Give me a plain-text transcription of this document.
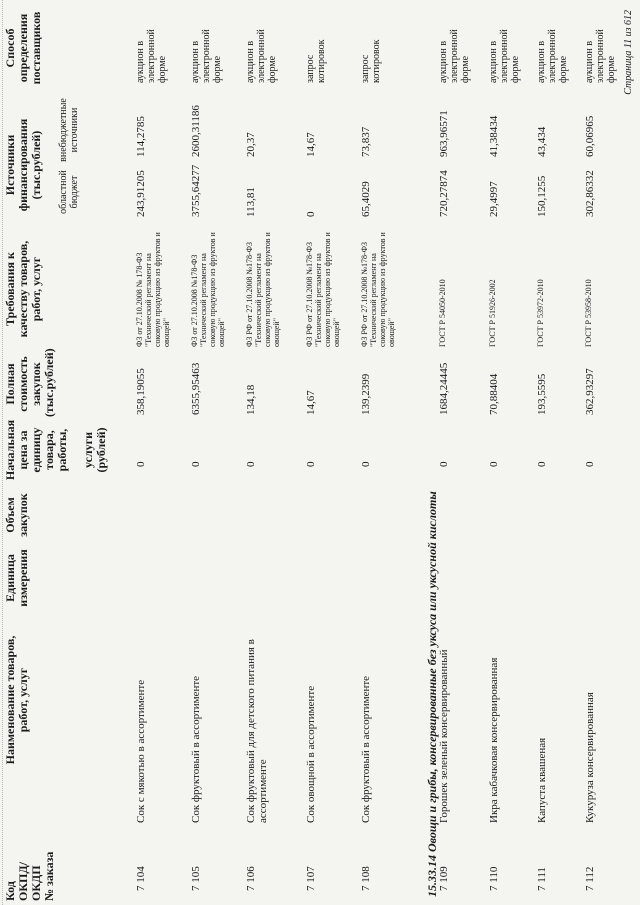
Код
ОКПД/
ОКДП
№ заказа
Наименование товаров,
работ, услуг
Единица
измерения
Объем
закупок
Начальная
цена за
единицу
товара,
работы,

услуги
(рублей)
Полная
стоимость
закупок
(тыс.рублей)
Требования к
качеству товаров,
работ, услуг
Источники
финансирования
(тыс.рублей) областной бюджет
внебюджетные источники
Способ
определения
поставщиков
7 104
Сок с мякотью в ассортименте
0
358,19055
ФЗ от 27.10.2008 № 178-ФЗ "Технический регламент на соковую продукцию из фруктов и овощей"
243,91205
114,2785
аукцион в
электронной
форме
7 105
Сок фруктовый в ассортименте
0
6355,95463
ФЗ от 27.10.2008 №178-ФЗ "Технический регламент на соковую продукцию из фруктов и овощей"
3755,64277
2600,31186
аукцион в
электронной
форме
7 106
Сок фруктовый для детского питания в ассортименте
0
134,18
ФЗ РФ от 27.10.2008 №178-ФЗ "Технический регламент на соковую продукцию из фруктов и овощей"
113,81
20,37
аукцион в
электронной
форме
7 107
Сок овощной в ассортименте
0
14,67
ФЗ РФ от 27.10.2008 №178-ФЗ "Технический регламент на соковую продукцию из фруктов и овощей"
0
14,67
запрос
котировок
7 108
Сок фруктовый в ассортименте
0
139,2399
ФЗ РФ от 27.10.2008 №178-ФЗ "Технический регламент на соковую продукцию из фруктов и овощей"
65,4029
73,837
запрос
котировок
15.33.14 Овощи и грибы, консервированные без уксуса или уксусной кислоты 7 109
Горошек зеленый консервированный
0
1684,24445
ГОСТ Р 54050-2010
720,27874
963,96571
аукцион в
электронной
форме
7 110
Икра кабачковая консервированная
0
70,88404
ГОСТ Р 51926-2002
29,4997
41,38434
аукцион в
электронной
форме
7 111
Капуста квашеная
0
193,5595
ГОСТ Р 53972-2010
150,1255
43,434
аукцион в
электронной
форме
7 112
Кукуруза консервированная
0
362,93297
ГОСТ Р 53958-2010
302,86332
60,06965
аукцион в
электронной
форме Страница 11 из 612
